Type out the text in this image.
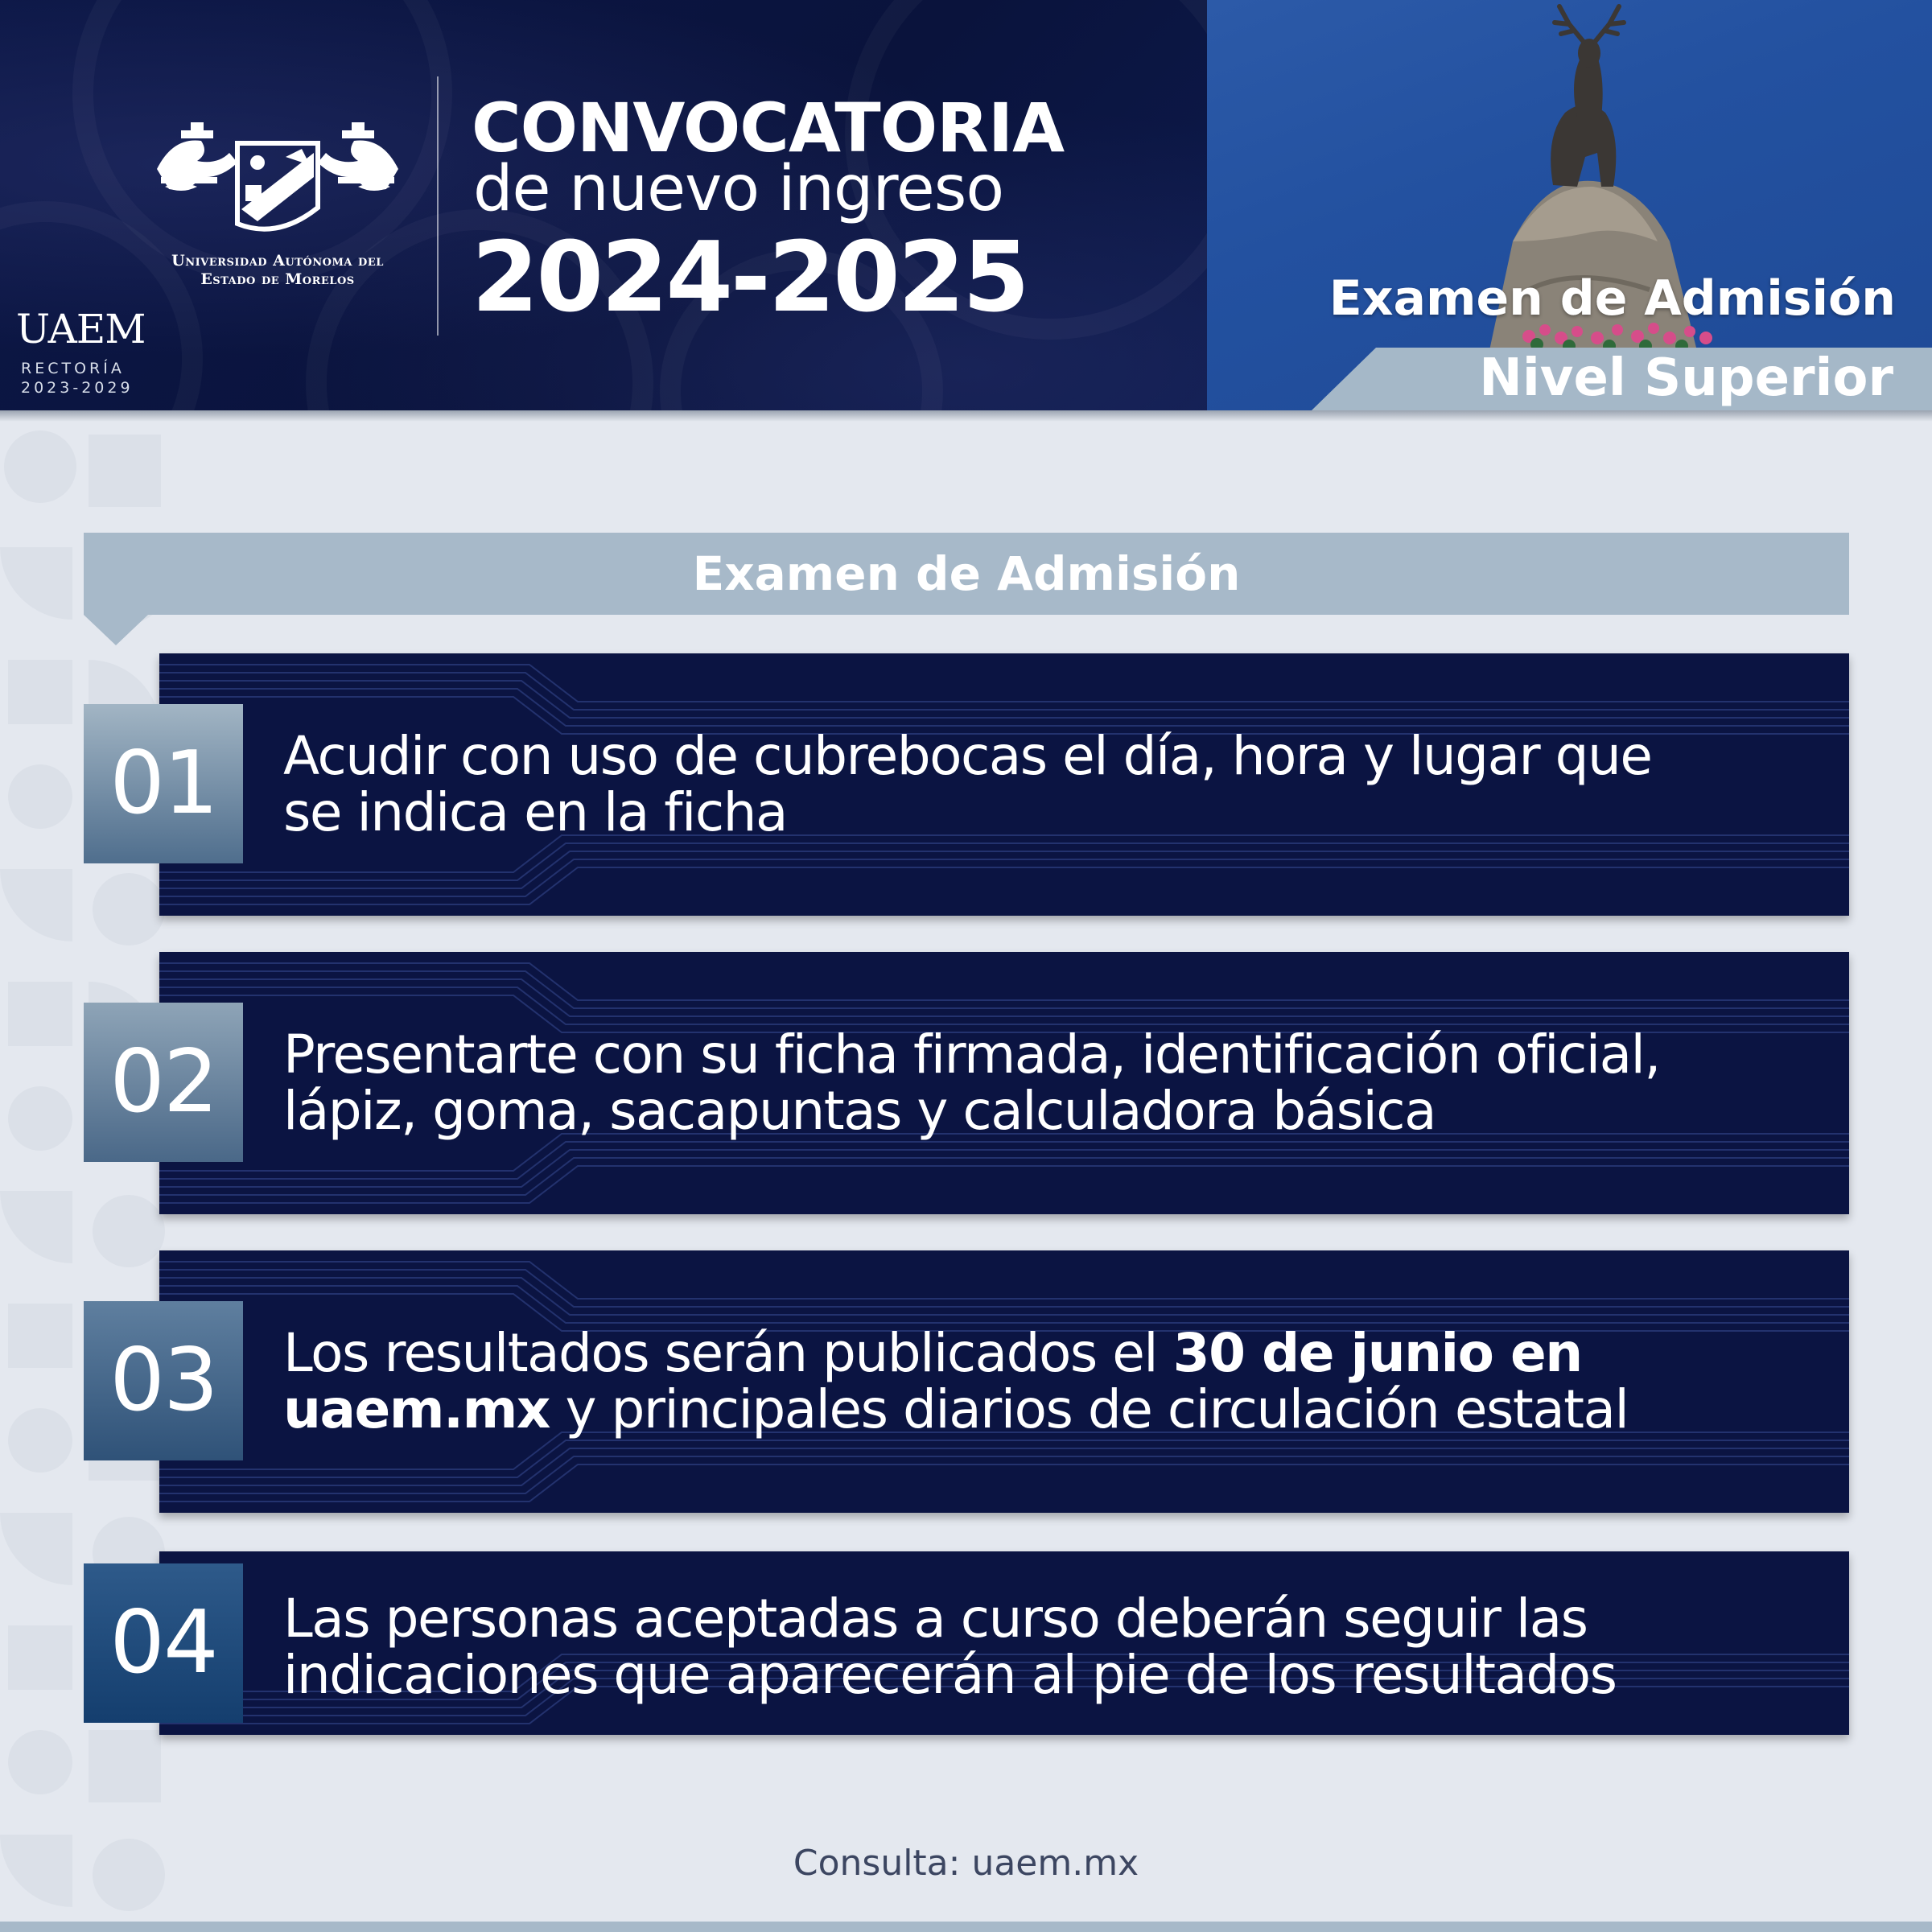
Universidad Autónoma del
Estado de Morelos
UAEM
RECTORÍA
2023-2029
CONVOCATORIA
de nuevo ingreso
2024-2025	Examen de Admisión
Nivel Superior
Examen de Admisión
01	Acudir con uso de cubrebocas el día, hora y lugar que
se indica en la ficha
02	Presentarte con su ficha firmada, identificación oficial,
lápiz, goma, sacapuntas y calculadora básica
03	Los resultados serán publicados el 30 de junio en
uaem.mx y principales diarios de circulación estatal
04	Las personas aceptadas a curso deberán seguir las
indicaciones que aparecerán al pie de los resultados
Consulta: uaem.mx
